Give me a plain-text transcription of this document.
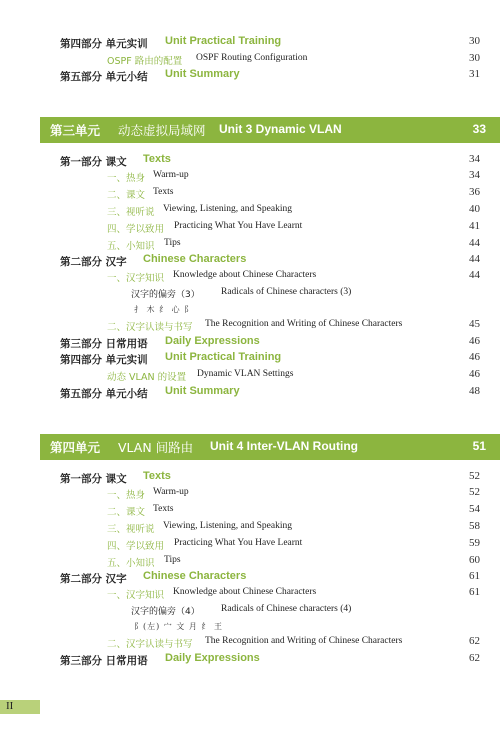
第四部分 单元实训 Unit Practical Training	30
OSPF 路由的配置 OSPF Routing Configuration	30
第五部分 单元小结 Unit Summary	31
第三单元 动态虚拟局域网 Unit 3 Dynamic VLAN	33
第一部分 课文 Texts	34
一、热身 Warm-up	34
二、课文 Texts	36
三、视听说 Viewing, Listening, and Speaking	40
四、学以致用 Practicing What You Have Learnt	41
五、小知识 Tips	44
第二部分 汉字 Chinese Characters	44
一、汉字知识 Knowledge about Chinese Characters	44
汉字的偏旁（3） Radicals of Chinese characters (3)
扌 木 纟 心 阝
二、汉字认读与书写 The Recognition and Writing of Chinese Characters	45
第三部分 日常用语 Daily Expressions	46
第四部分 单元实训 Unit Practical Training	46
动态 VLAN 的设置 Dynamic VLAN Settings	46
第五部分 单元小结 Unit Summary	48
第四单元 VLAN 间路由 Unit 4 Inter-VLAN Routing	51
第一部分 课文 Texts	52
一、热身 Warm-up	52
二、课文 Texts	54
三、视听说 Viewing, Listening, and Speaking	58
四、学以致用 Practicing What You Have Learnt	59
五、小知识 Tips	60
第二部分 汉字 Chinese Characters	61
一、汉字知识 Knowledge about Chinese Characters	61
汉字的偏旁（4） Radicals of Chinese characters (4)
阝(左) 宀 文 月 纟 王
二、汉字认读与书写 The Recognition and Writing of Chinese Characters	62
第三部分 日常用语 Daily Expressions	62
II
